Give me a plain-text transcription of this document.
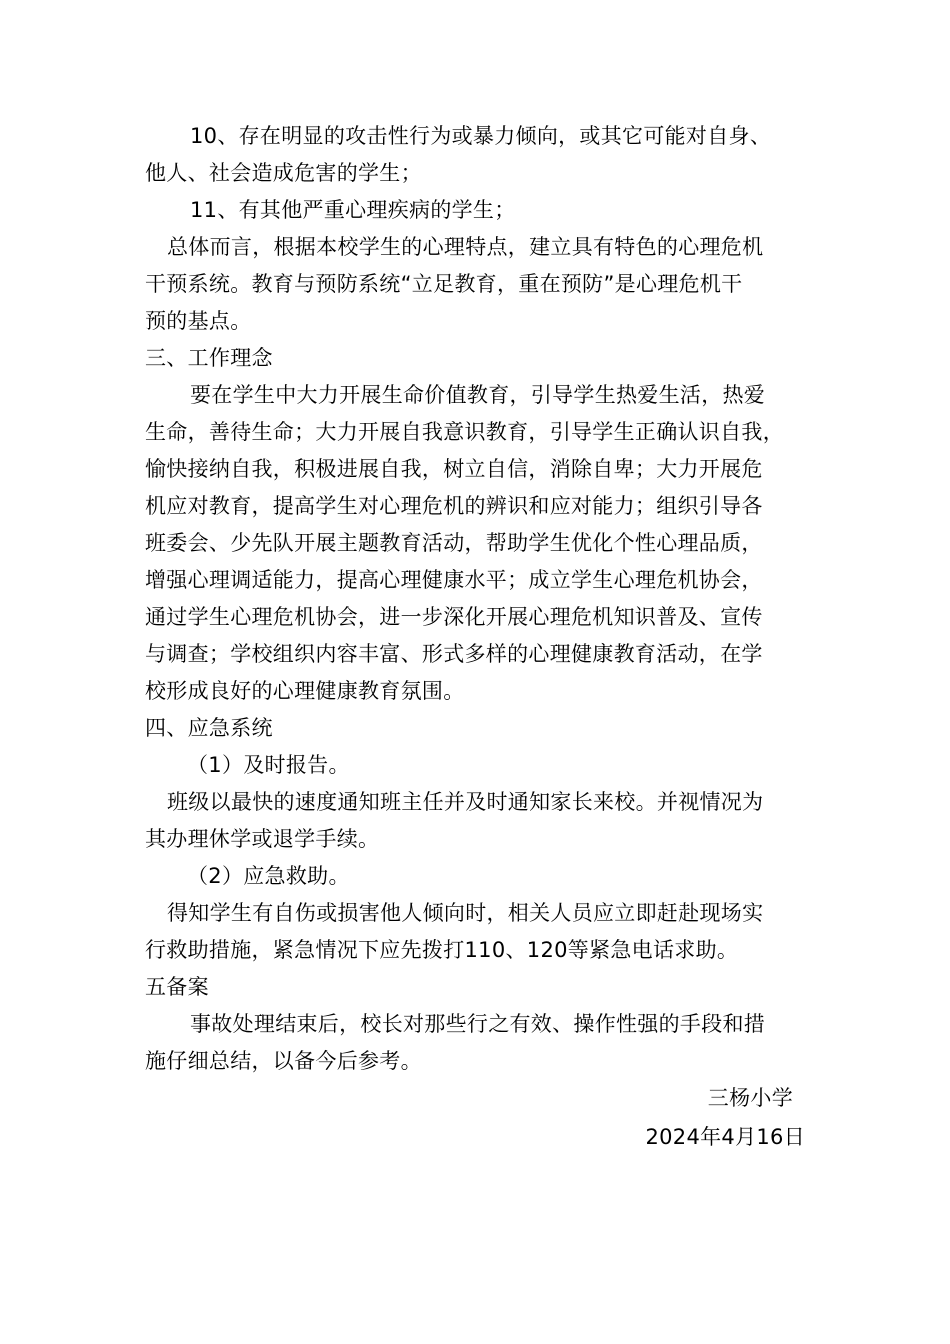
10、存在明显的攻击性行为或暴力倾向，或其它可能对自身、
他人、社会造成危害的学生；
11、有其他严重心理疾病的学生；
总体而言，根据本校学生的心理特点，建立具有特色的心理危机
干预系统。教育与预防系统“立足教育，重在预防”是心理危机干
预的基点。
三、工作理念
要在学生中大力开展生命价值教育，引导学生热爱生活，热爱
生命，善待生命；大力开展自我意识教育，引导学生正确认识自我，
愉快接纳自我，积极进展自我，树立自信，消除自卑；大力开展危
机应对教育，提高学生对心理危机的辨识和应对能力；组织引导各
班委会、少先队开展主题教育活动，帮助学生优化个性心理品质，
增强心理调适能力，提高心理健康水平；成立学生心理危机协会，
通过学生心理危机协会，进一步深化开展心理危机知识普及、宣传
与调查；学校组织内容丰富、形式多样的心理健康教育活动，在学
校形成良好的心理健康教育氛围。
四、应急系统
（1）及时报告。
班级以最快的速度通知班主任并及时通知家长来校。并视情况为
其办理休学或退学手续。
（2）应急救助。
得知学生有自伤或损害他人倾向时，相关人员应立即赶赴现场实
行救助措施，紧急情况下应先拨打110、120等紧急电话求助。
五备案
事故处理结束后，校长对那些行之有效、操作性强的手段和措
施仔细总结，以备今后参考。
三杨小学
2024年4月16日
